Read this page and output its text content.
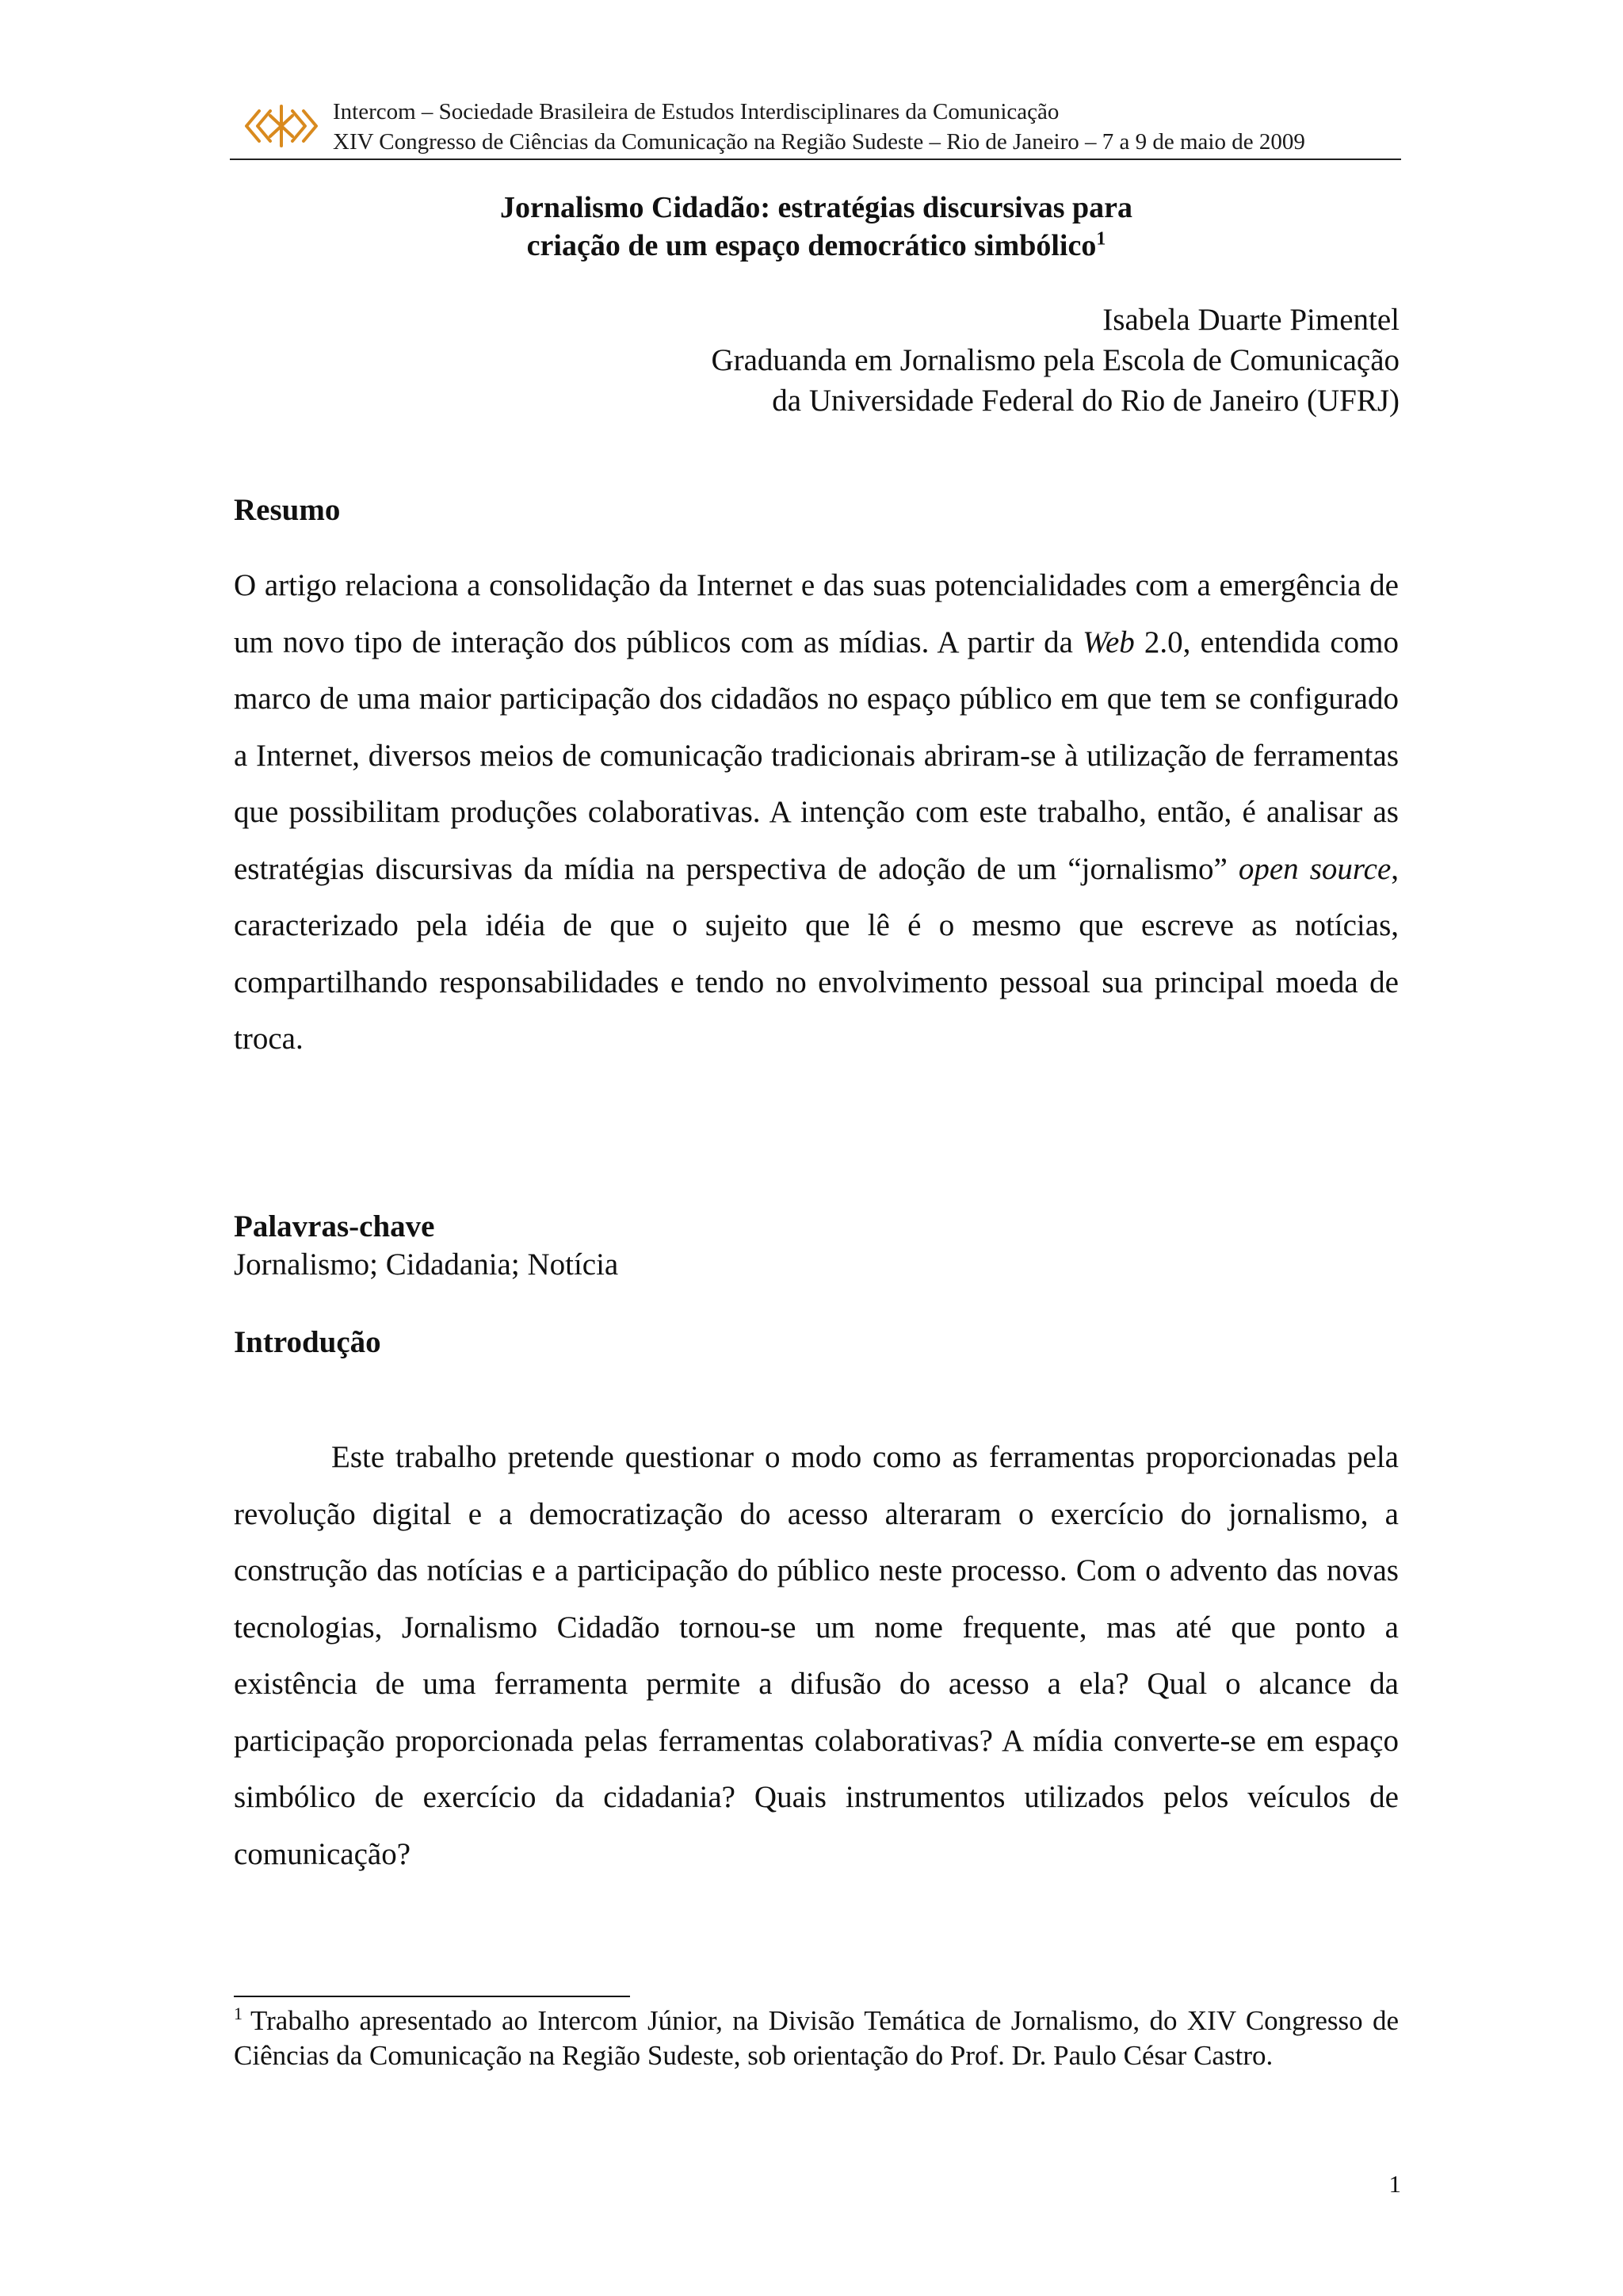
Intercom – Sociedade Brasileira de Estudos Interdisciplinares da Comunicação
XIV Congresso de Ciências da Comunicação na Região Sudeste – Rio de Janeiro – 7 a 9 de maio de 2009
Jornalismo Cidadão: estratégias discursivas para
criação de um espaço democrático simbólico$^1$
Isabela Duarte Pimentel
Graduanda em Jornalismo pela Escola de Comunicação
da Universidade Federal do Rio de Janeiro (UFRJ)
Resumo
O artigo relaciona a consolidação da Internet e das suas potencialidades com a emergência de um novo tipo de interação dos públicos com as mídias. A partir da Web 2.0, entendida como marco de uma maior participação dos cidadãos no espaço público em que tem se configurado a Internet, diversos meios de comunicação tradicionais abriram-se à utilização de ferramentas que possibilitam produções colaborativas. A intenção com este trabalho, então, é analisar as estratégias discursivas da mídia na perspectiva de adoção de um “jornalismo” open source, caracterizado pela idéia de que o sujeito que lê é o mesmo que escreve as notícias, compartilhando responsabilidades e tendo no envolvimento pessoal sua principal moeda de troca.
Palavras-chave
Jornalismo; Cidadania; Notícia
Introdução
Este trabalho pretende questionar o modo como as ferramentas proporcionadas pela revolução digital e a democratização do acesso alteraram o exercício do jornalismo, a construção das notícias e a participação do público neste processo. Com o advento das novas tecnologias, Jornalismo Cidadão tornou-se um nome frequente, mas até que ponto a existência de uma ferramenta permite a difusão do acesso a ela? Qual o alcance da participação proporcionada pelas ferramentas colaborativas? A mídia converte-se em espaço simbólico de exercício da cidadania? Quais instrumentos utilizados pelos veículos de comunicação?
$^1$ Trabalho apresentado ao Intercom Júnior, na Divisão Temática de Jornalismo, do XIV Congresso de Ciências da Comunicação na Região Sudeste, sob orientação do Prof. Dr. Paulo César Castro.
1
